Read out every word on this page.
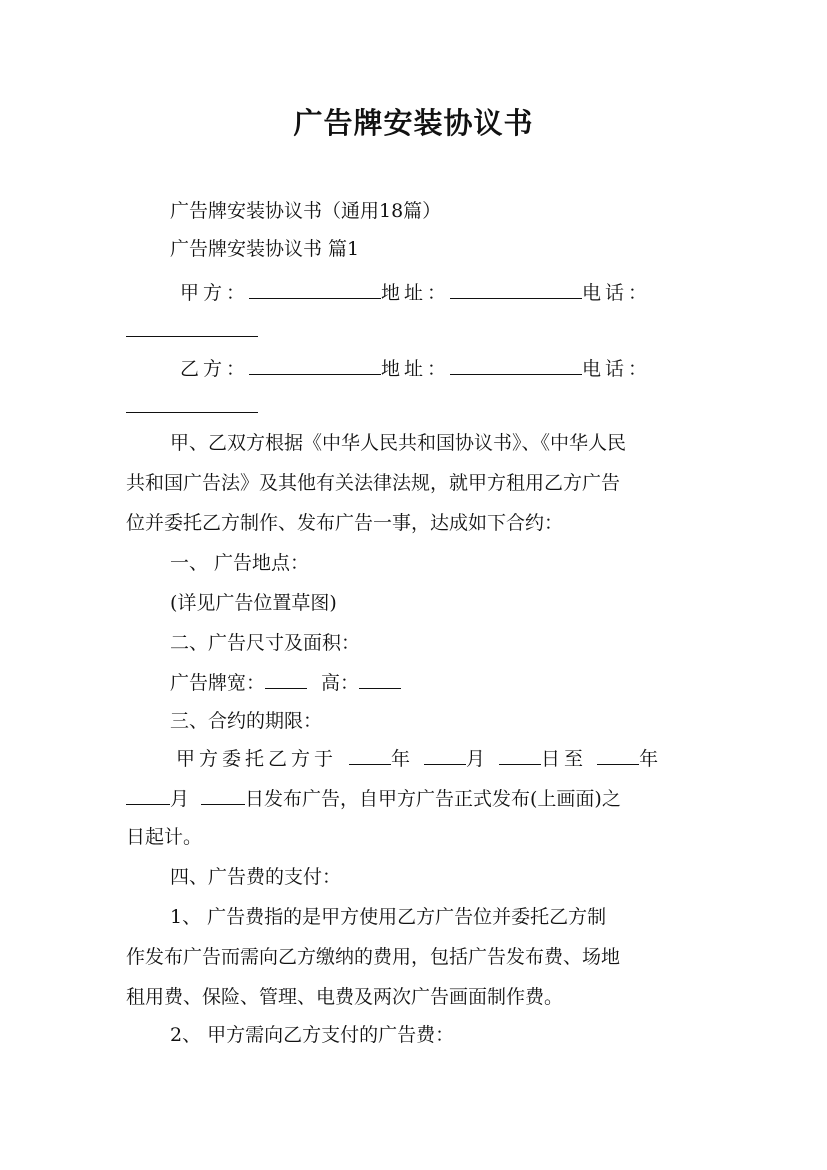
广告牌安装协议书
广告牌安装协议书（通用18篇）
广告牌安装协议书 篇1
甲方：	地址：	电话：
乙方：	地址：	电话：
甲、乙双方根据《中华人民共和国协议书》、《中华人民
共和国广告法》及其他有关法律法规，就甲方租用乙方广告
位并委托乙方制作、发布广告一事，达成如下合约：
一、 广告地点：
(详见广告位置草图)
二、广告尺寸及面积：
广告牌宽：	高：
三、合约的期限：
甲方委托乙方于	年	月	日至	年
月	日发布广告，自甲方广告正式发布(上画面)之
日起计。
四、广告费的支付：
1、 广告费指的是甲方使用乙方广告位并委托乙方制
作发布广告而需向乙方缴纳的费用，包括广告发布费、场地
租用费、保险、管理、电费及两次广告画面制作费。
2、 甲方需向乙方支付的广告费：
